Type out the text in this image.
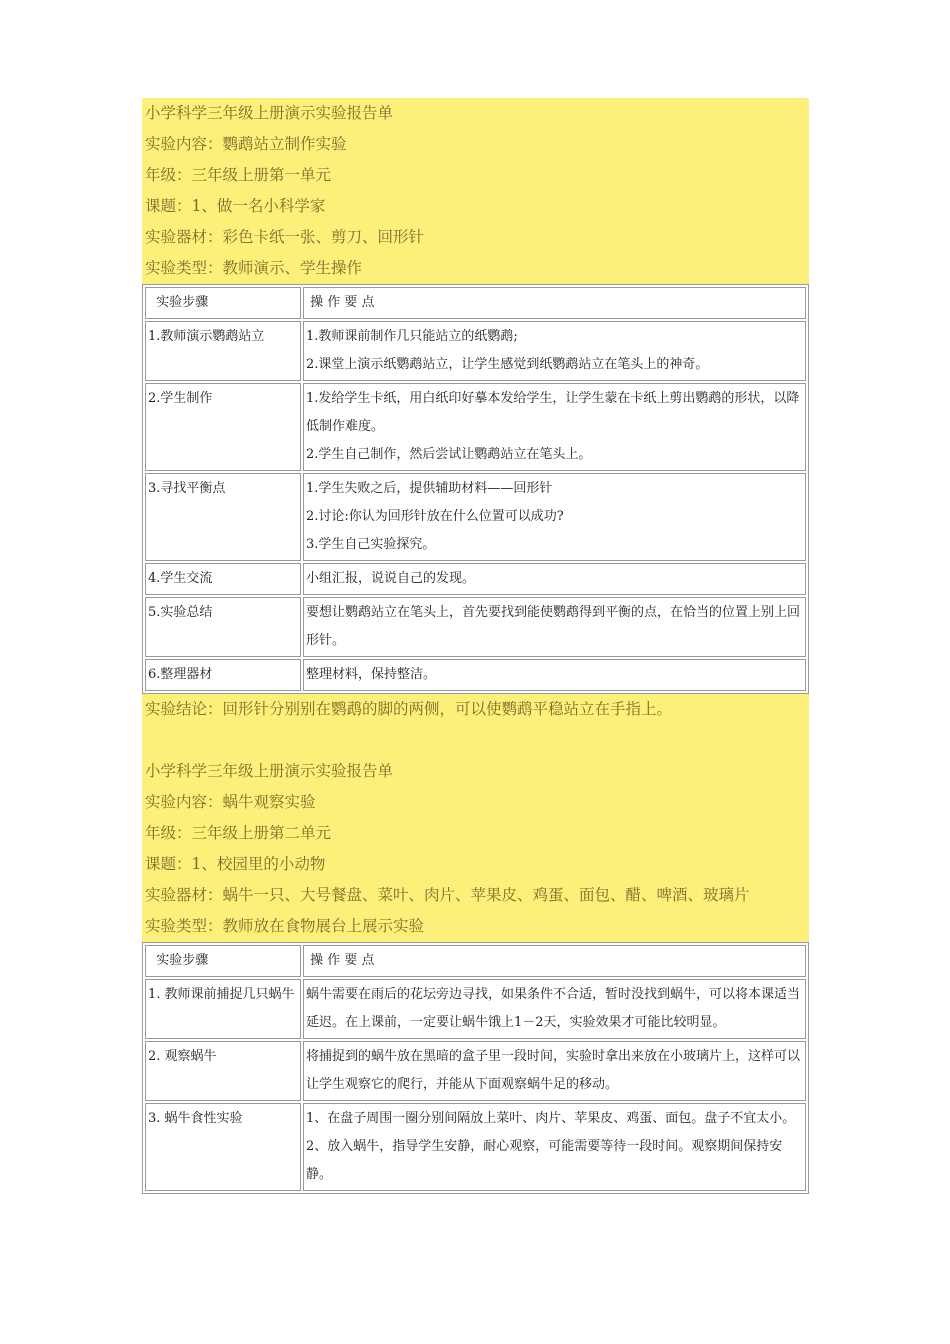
小学科学三年级上册演示实验报告单
实验内容：鹦鹉站立制作实验
年级：三年级上册第一单元
课题：1、做一名小科学家
实验器材：彩色卡纸一张、剪刀、回形针
实验类型：教师演示、学生操作
实验步骤	操 作 要 点
1.教师演示鹦鹉站立	1.教师课前制作几只能站立的纸鹦鹉;
2.课堂上演示纸鹦鹉站立，让学生感觉到纸鹦鹉站立在笔头上的神奇。

2.学生制作	1.发给学生卡纸，用白纸印好摹本发给学生，让学生蒙在卡纸上剪出鹦鹉的形状，以降低制作难度。
2.学生自己制作，然后尝试让鹦鹉站立在笔头上。

3.寻找平衡点	1.学生失败之后，提供辅助材料——回形针
2.讨论:你认为回形针放在什么位置可以成功?
3.学生自己实验探究。

4.学生交流	小组汇报，说说自己的发现。

5.实验总结	要想让鹦鹉站立在笔头上，首先要找到能使鹦鹉得到平衡的点，在恰当的位置上别上回形针。

6.整理器材	整理材料，保持整洁。
实验结论：回形针分别别在鹦鹉的脚的两侧，可以使鹦鹉平稳站立在手指上。
小学科学三年级上册演示实验报告单
实验内容：蜗牛观察实验
年级：三年级上册第二单元
课题：1、校园里的小动物
实验器材：蜗牛一只、大号餐盘、菜叶、肉片、苹果皮、鸡蛋、面包、醋、啤酒、玻璃片
实验类型：教师放在食物展台上展示实验
实验步骤	操 作 要 点
1. 教师课前捕捉几只蜗牛	蜗牛需要在雨后的花坛旁边寻找，如果条件不合适，暂时没找到蜗牛，可以将本课适当延迟。在上课前，一定要让蜗牛饿上1－2天，实验效果才可能比较明显。

2. 观察蜗牛	将捕捉到的蜗牛放在黑暗的盒子里一段时间，实验时拿出来放在小玻璃片上，这样可以让学生观察它的爬行，并能从下面观察蜗牛足的移动。

3. 蜗牛食性实验	1、在盘子周围一圈分别间隔放上菜叶、肉片、苹果皮、鸡蛋、面包。盘子不宜太小。
2、放入蜗牛，指导学生安静，耐心观察，可能需要等待一段时间。观察期间保持安静。
